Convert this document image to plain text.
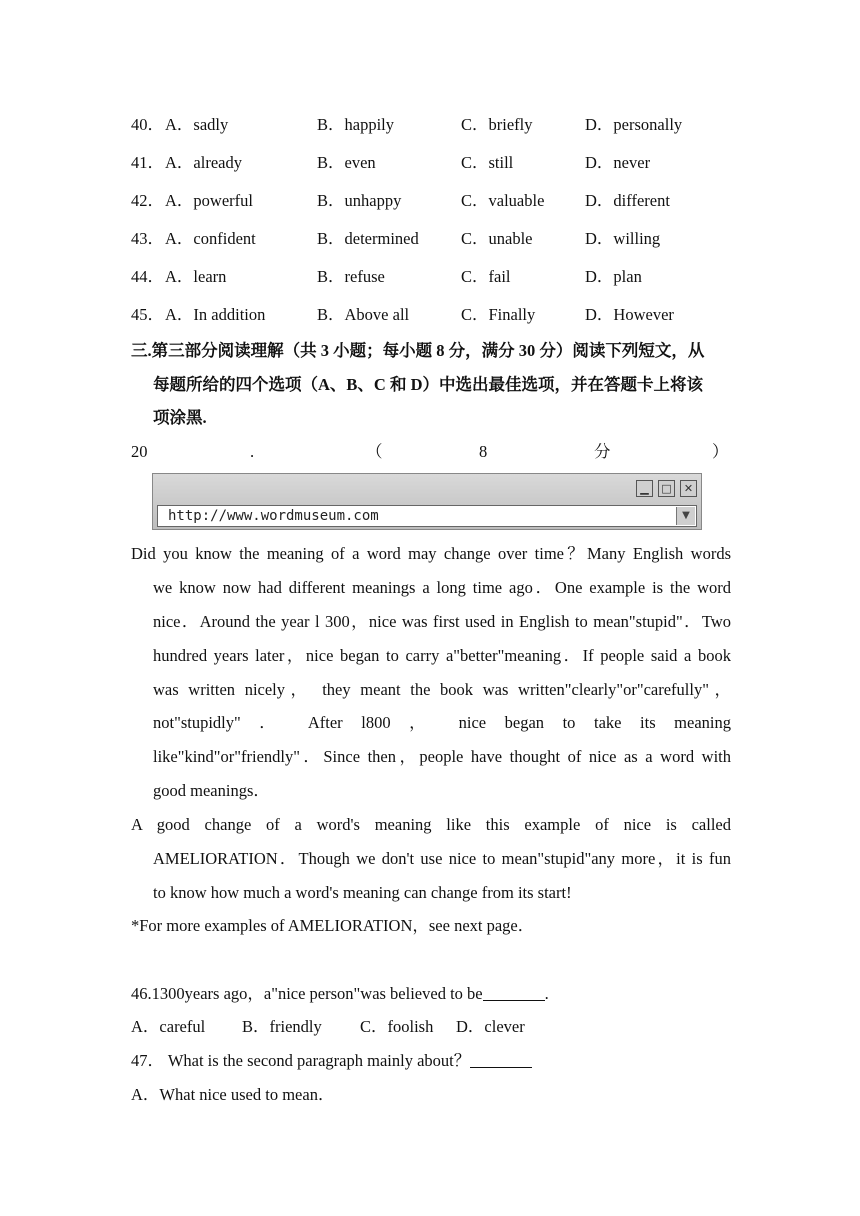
40． A．sadly	B．happily	C．briefly	D．personally
41． A．already	B．even	C．still	D．never
42． A．powerful	B．unhappy	C．valuable D．different
43． A．confident	B．determined	C．unable	D．willing
44． A．learn	B．refuse	C．fail	D．plan
45． A．In addition	B．Above all	C．Finally	D．However
三.第三部分阅读理解（共 3 小题；每小题 8 分，满分 30 分）阅读下列短文，从
每题所给的四个选项（A、B、C 和 D）中选出最佳选项，并在答题卡上将该
项涂黑.
20	.	（	8	分	）
▁	□	✕
http://www.wordmuseum.com	▼
Did you know the meaning of a word may change over time？Many English words
we know now had different meanings a long time ago．One example is the word
nice．Around the year l 300，nice was first used in English to mean"stupid"．Two
hundred years later，nice began to carry a"better"meaning．If people said a book
was written nicely， they meant the book was written"clearly"or"carefully"，
not"stupidly" ． After l800 ， nice began to take its meaning
like"kind"or"friendly"．Since then，people have thought of nice as a word with
good meanings．
A good change of a word's meaning like this example of nice is called
AMELIORATION．Though we don't use nice to mean"stupid"any more，it is fun
to know how much a word's meaning can change from its start!
*For more examples of AMELIORATION，see next page．
46.1300years ago，a"nice person"was believed to be	.
A．careful B．friendly C．foolish D．clever
47． What is the second paragraph mainly about？
A．What nice used to mean．
